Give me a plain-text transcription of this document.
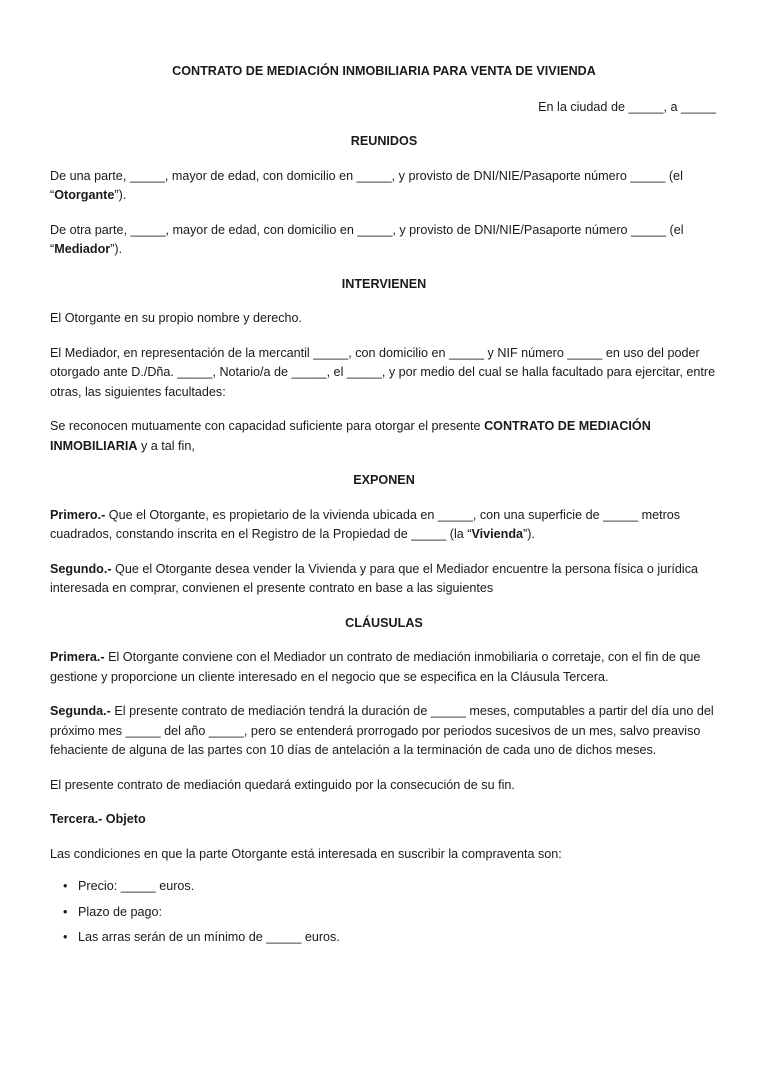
CONTRATO DE MEDIACIÓN INMOBILIARIA PARA VENTA DE VIVIENDA

En la ciudad de _____, a _____

REUNIDOS

De una parte, _____, mayor de edad, con domicilio en _____, y provisto de DNI/NIE/Pasaporte número _____ (el “Otorgante”).

De otra parte, _____, mayor de edad, con domicilio en _____, y provisto de DNI/NIE/Pasaporte número _____ (el “Mediador”).

INTERVIENEN

El Otorgante en su propio nombre y derecho.

El Mediador, en representación de la mercantil _____, con domicilio en _____ y NIF número _____ en uso del poder otorgado ante D./Dña. _____, Notario/a de _____, el _____, y por medio del cual se halla facultado para ejercitar, entre otras, las siguientes facultades:

Se reconocen mutuamente con capacidad suficiente para otorgar el presente CONTRATO DE MEDIACIÓN INMOBILIARIA y a tal fin,

EXPONEN

Primero.- Que el Otorgante, es propietario de la vivienda ubicada en _____, con una superficie de _____ metros cuadrados, constando inscrita en el Registro de la Propiedad de _____ (la “Vivienda”).

Segundo.- Que el Otorgante desea vender la Vivienda y para que el Mediador encuentre la persona física o jurídica interesada en comprar, convienen el presente contrato en base a las siguientes

CLÁUSULAS

Primera.- El Otorgante conviene con el Mediador un contrato de mediación inmobiliaria o corretaje, con el fin de que gestione y proporcione un cliente interesado en el negocio que se especifica en la Cláusula Tercera.

Segunda.- El presente contrato de mediación tendrá la duración de _____ meses, computables a partir del día uno del próximo mes _____ del año _____, pero se entenderá prorrogado por periodos sucesivos de un mes, salvo preaviso fehaciente de alguna de las partes con 10 días de antelación a la terminación de cada uno de dichos meses.

El presente contrato de mediación quedará extinguido por la consecución de su fin.

Tercera.- Objeto

Las condiciones en que la parte Otorgante está interesada en suscribir la compraventa son:

• Precio: _____ euros.
• Plazo de pago:
• Las arras serán de un mínimo de _____ euros.
